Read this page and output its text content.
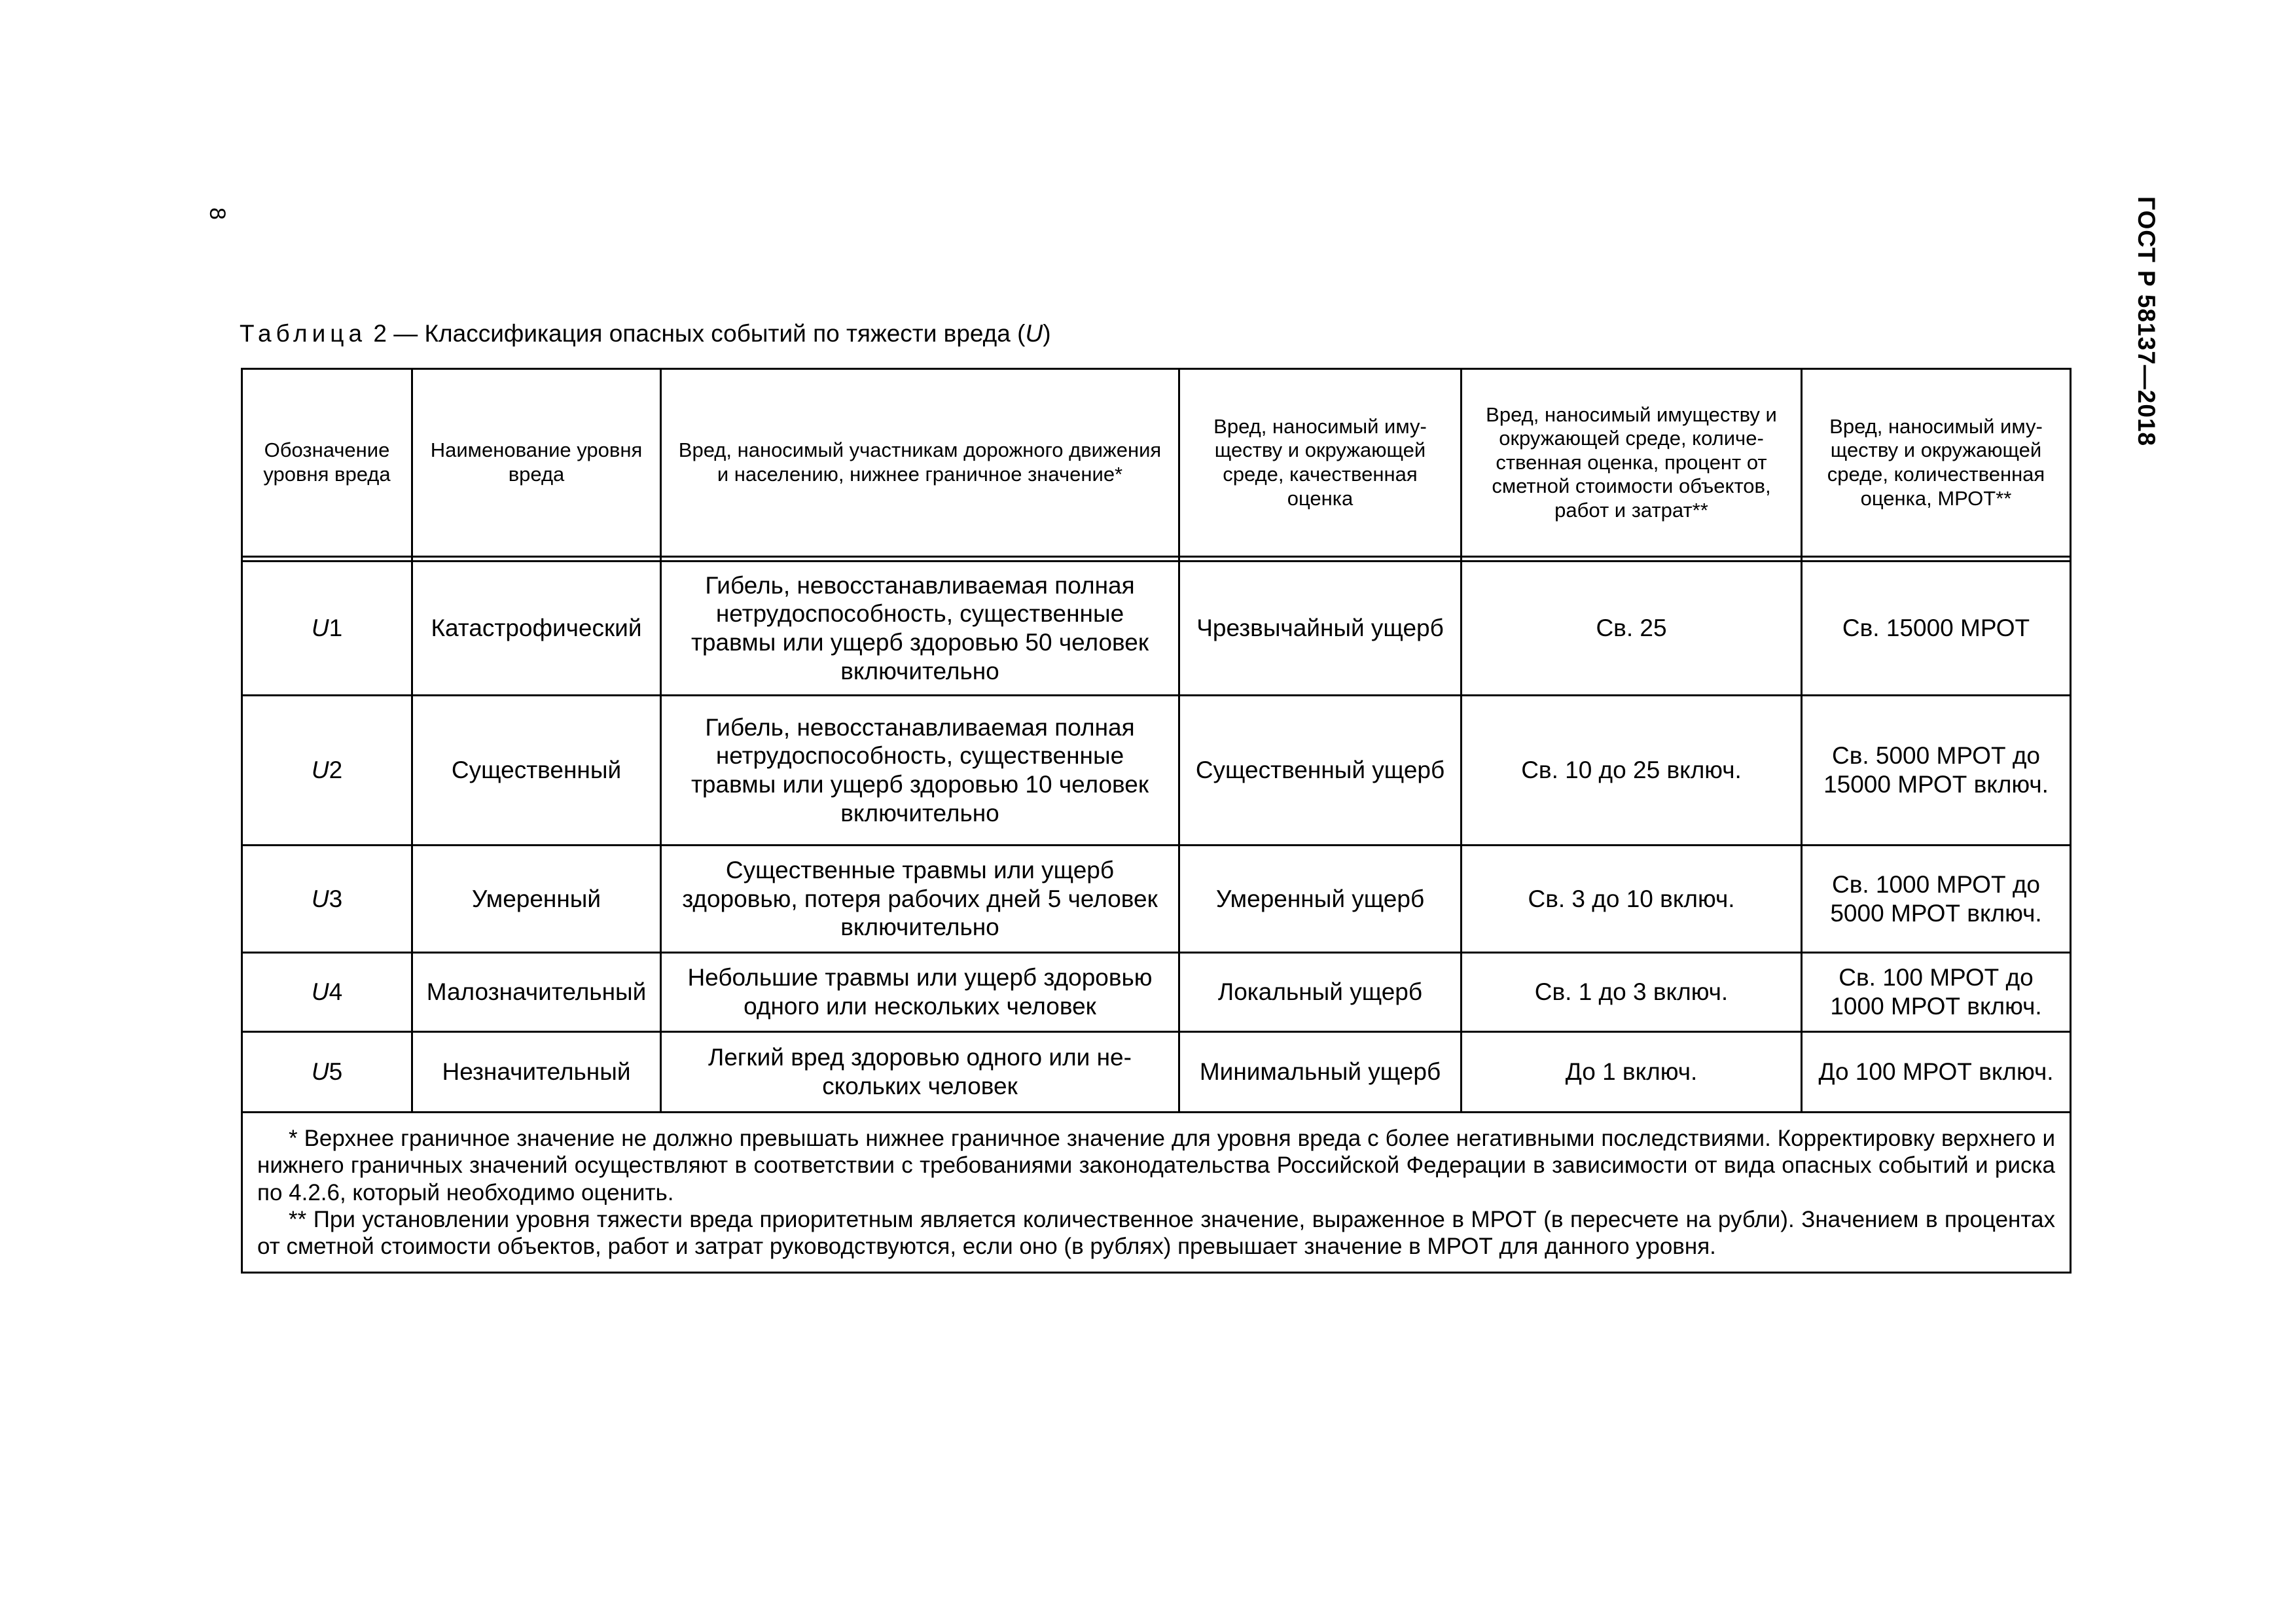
8	ГОСТ Р 58137—2018
Таблица 2 — Классификация опасных событий по тяжести вреда (U)
Обозначение уровня вреда	Наименование уровня вреда	Вред, наносимый участникам дорожного движения и населению, нижнее граничное значение*	Вред, наносимый иму-ществу и окружающей среде, качественная оценка	Вред, наносимый имуществу и окружающей среде, количе-ственная оценка, процент от сметной стоимости объектов, работ и затрат**	Вред, наносимый иму-ществу и окружающей среде, количественная оценка, МРОТ**

U1	Катастрофический	Гибель, невосстанавливаемая полная нетрудоспособность, существенные травмы или ущерб здоровью 50 человек включительно	Чрезвычайный ущерб	Св. 25	Св. 15000 МРОТ
U2	Существенный	Гибель, невосстанавливаемая полная нетрудоспособность, существенные травмы или ущерб здоровью 10 человек включительно	Существенный ущерб	Св. 10 до 25 включ.	Св. 5000 МРОТ до 15000 МРОТ включ.
U3	Умеренный	Существенные травмы или ущерб здоровью, потеря рабочих дней 5 человек включительно	Умеренный ущерб	Св. 3 до 10 включ.	Св. 1000 МРОТ до 5000 МРОТ включ.
U4	Малозначительный	Небольшие травмы или ущерб здоровью одного или нескольких человек	Локальный ущерб	Св. 1 до 3 включ.	Св. 100 МРОТ до 1000 МРОТ включ.
U5	Незначительный	Легкий вред здоровью одного или не-скольких человек	Минимальный ущерб	До 1 включ.	До 100 МРОТ включ.

* Верхнее граничное значение не должно превышать нижнее граничное значение для уровня вреда с более негативными последствиями. Корректировку верхнего и нижнего граничных значений осуществляют в соответствии с требованиями законодательства Российской Федерации в зависимости от вида опасных событий и риска по 4.2.6, который необходимо оценить.

** При установлении уровня тяжести вреда приоритетным является количественное значение, выраженное в МРОТ (в пересчете на рубли). Значением в процентах от сметной стоимости объектов, работ и затрат руководствуются, если оно (в рублях) превышает значение в МРОТ для данного уровня.					
